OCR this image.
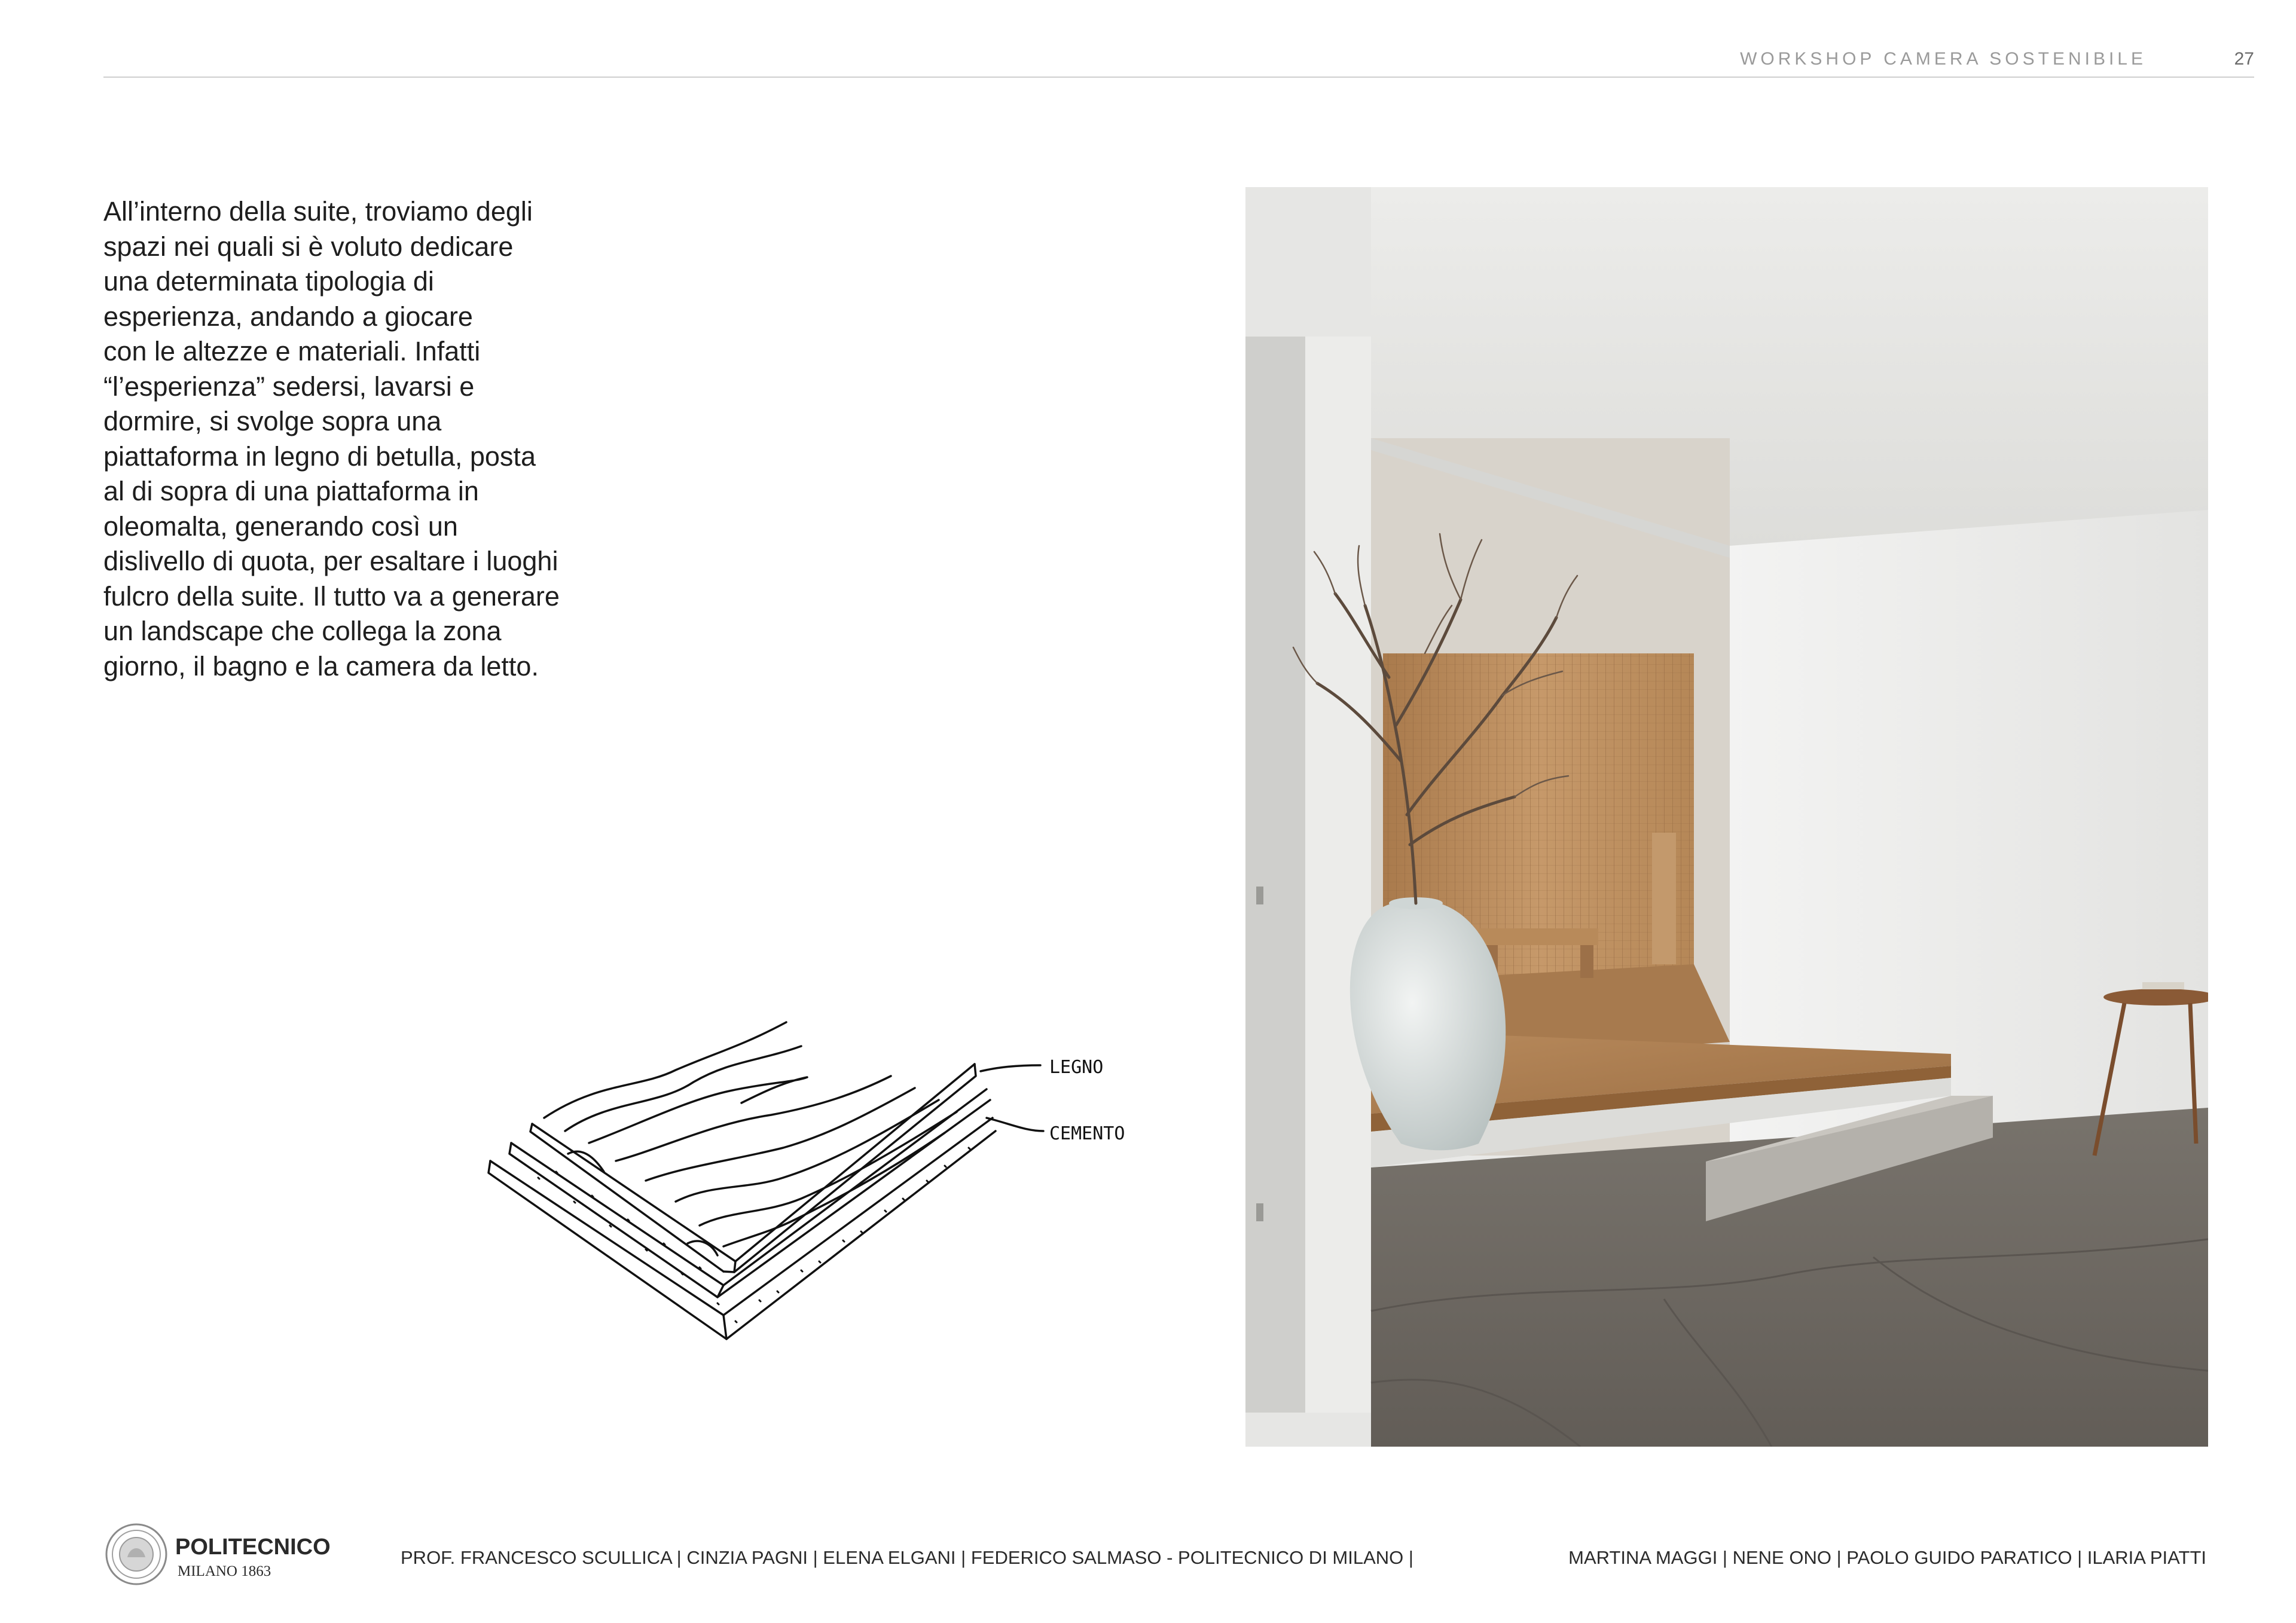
WORKSHOP CAMERA SOSTENIBILE	27
All’interno della suite, troviamo degli
spazi nei quali si è voluto dedicare
una determinata tipologia di
esperienza, andando a giocare
con le altezze e materiali. Infatti
“l’esperienza” sedersi, lavarsi e
dormire, si svolge sopra una
piattaforma in legno di betulla, posta
al di sopra di una piattaforma in
oleomalta, generando così un
dislivello di quota, per esaltare i luoghi
fulcro della suite. Il tutto va a generare
un landscape che collega la zona
giorno, il bagno e la camera da letto.
LEGNO
CEMENTO
POLITECNICO
MILANO 1863
PROF. FRANCESCO SCULLICA | CINZIA PAGNI | ELENA ELGANI | FEDERICO SALMASO - POLITECNICO DI MILANO |	MARTINA MAGGI | NENE ONO | PAOLO GUIDO PARATICO | ILARIA PIATTI
